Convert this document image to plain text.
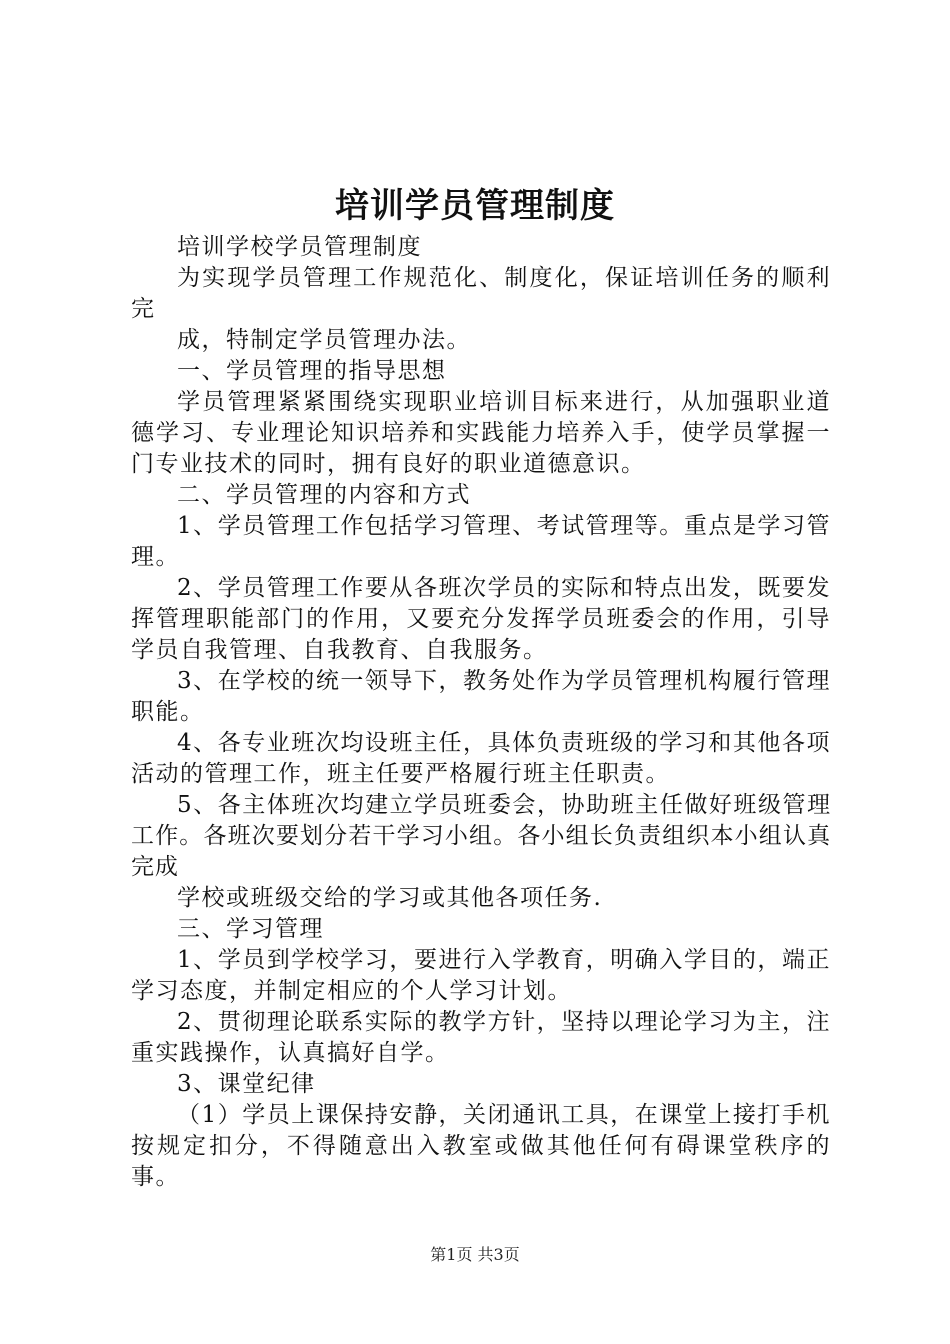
培训学员管理制度

培训学校学员管理制度

为实现学员管理工作规范化、制度化，保证培训任务的顺利完

成，特制定学员管理办法。

一、学员管理的指导思想

学员管理紧紧围绕实现职业培训目标来进行，从加强职业道德学习、专业理论知识培养和实践能力培养入手，使学员掌握一门专业技术的同时，拥有良好的职业道德意识。

二、学员管理的内容和方式

1、学员管理工作包括学习管理、考试管理等。重点是学习管理。

2、学员管理工作要从各班次学员的实际和特点出发，既要发挥管理职能部门的作用，又要充分发挥学员班委会的作用，引导学员自我管理、自我教育、自我服务。

3、在学校的统一领导下，教务处作为学员管理机构履行管理职能。

4、各专业班次均设班主任，具体负责班级的学习和其他各项活动的管理工作，班主任要严格履行班主任职责。

5、各主体班次均建立学员班委会，协助班主任做好班级管理工作。各班次要划分若干学习小组。各小组长负责组织本小组认真完成

学校或班级交给的学习或其他各项任务.

三、学习管理

1、学员到学校学习，要进行入学教育，明确入学目的，端正学习态度，并制定相应的个人学习计划。

2、贯彻理论联系实际的教学方针，坚持以理论学习为主，注重实践操作，认真搞好自学。

3、课堂纪律

（1）学员上课保持安静，关闭通讯工具，在课堂上接打手机按规定扣分，不得随意出入教室或做其他任何有碍课堂秩序的事。

第1页 共3页
